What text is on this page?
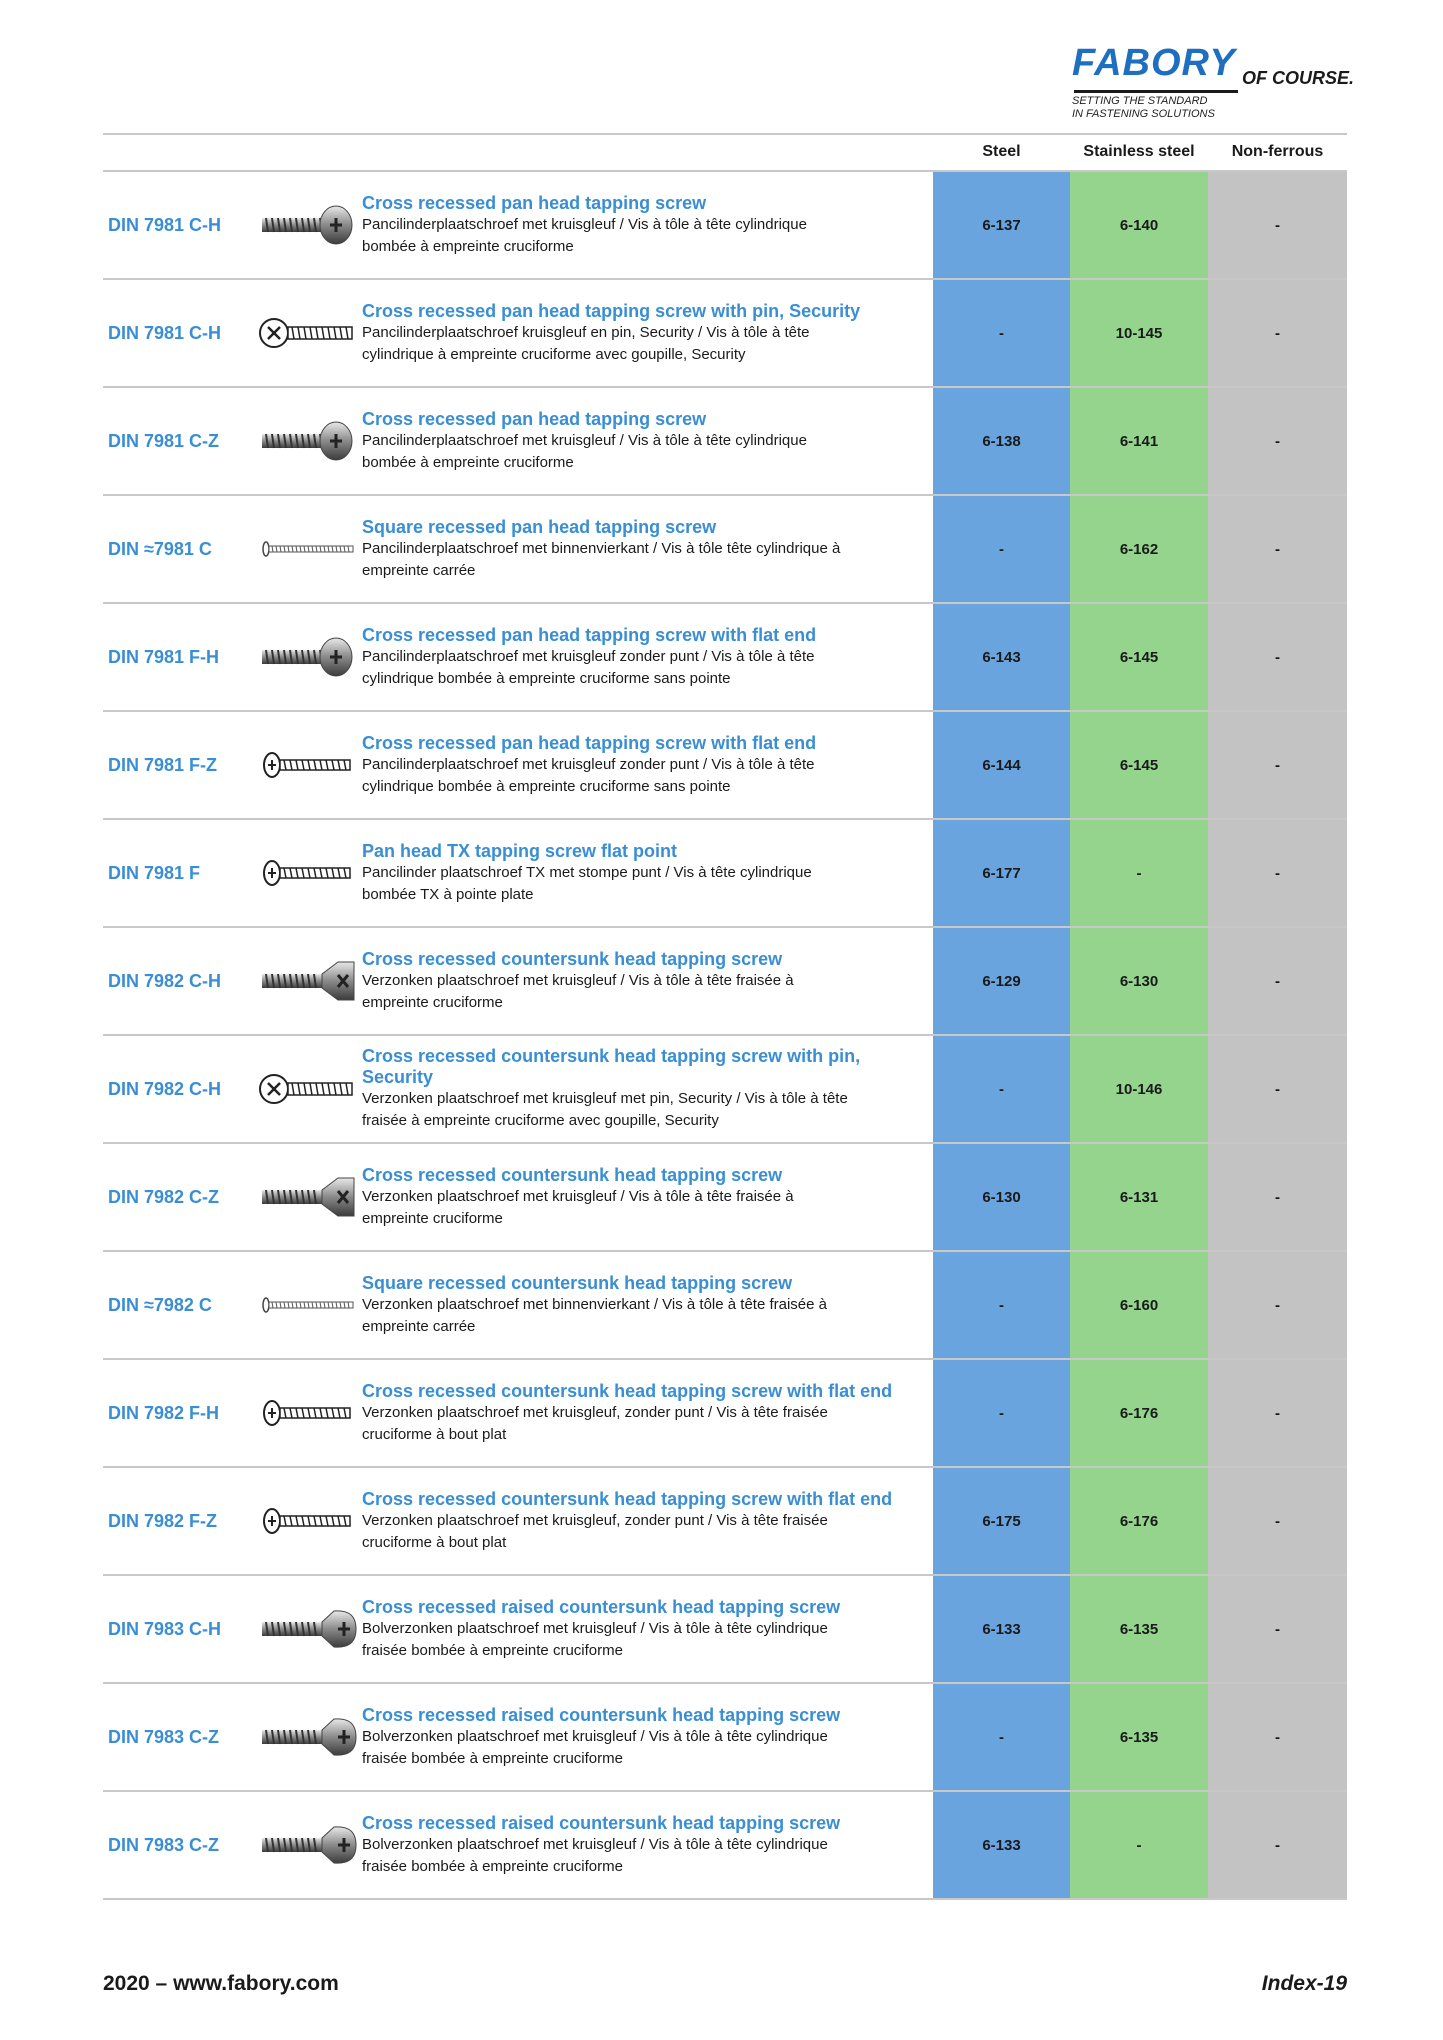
FABORY OF COURSE.
SETTING THE STANDARD
IN FASTENING SOLUTIONS
Steel	Stainless steel	Non-ferrous
DIN 7981 C-H
Cross recessed pan head tapping screw
Pancilinderplaatschroef met kruisgleuf / Vis à tôle à tête cylindrique
bombée à empreinte cruciforme
6-137	6-140	-
DIN 7981 C-H
Cross recessed pan head tapping screw with pin, Security
Pancilinderplaatschroef kruisgleuf en pin, Security / Vis à tôle à tête
cylindrique à empreinte cruciforme avec goupille, Security
-	10-145	-
DIN 7981 C-Z
Cross recessed pan head tapping screw
Pancilinderplaatschroef met kruisgleuf / Vis à tôle à tête cylindrique
bombée à empreinte cruciforme
6-138	6-141	-
DIN ≈7981 C
Square recessed pan head tapping screw
Pancilinderplaatschroef met binnenvierkant / Vis à tôle tête cylindrique à
empreinte carrée
-	6-162	-
DIN 7981 F-H
Cross recessed pan head tapping screw with flat end
Pancilinderplaatschroef met kruisgleuf zonder punt / Vis à tôle à tête
cylindrique bombée à empreinte cruciforme sans pointe
6-143	6-145	-
DIN 7981 F-Z
Cross recessed pan head tapping screw with flat end
Pancilinderplaatschroef met kruisgleuf zonder punt / Vis à tôle à tête
cylindrique bombée à empreinte cruciforme sans pointe
6-144	6-145	-
DIN 7981 F
Pan head TX tapping screw flat point
Pancilinder plaatschroef TX met stompe punt / Vis à tête cylindrique
bombée TX à pointe plate
6-177	-	-
DIN 7982 C-H
Cross recessed countersunk head tapping screw
Verzonken plaatschroef met kruisgleuf / Vis à tôle à tête fraisée à
empreinte cruciforme
6-129	6-130	-
DIN 7982 C-H
Cross recessed countersunk head tapping screw with pin, Security
Verzonken plaatschroef met kruisgleuf met pin, Security / Vis à tôle à tête
fraisée à empreinte cruciforme avec goupille, Security
-	10-146	-
DIN 7982 C-Z
Cross recessed countersunk head tapping screw
Verzonken plaatschroef met kruisgleuf / Vis à tôle à tête fraisée à
empreinte cruciforme
6-130	6-131	-
DIN ≈7982 C
Square recessed countersunk head tapping screw
Verzonken plaatschroef met binnenvierkant / Vis à tôle à tête fraisée à
empreinte carrée
-	6-160	-
DIN 7982 F-H
Cross recessed countersunk head tapping screw with flat end
Verzonken plaatschroef met kruisgleuf, zonder punt / Vis à tête fraisée
cruciforme à bout plat
-	6-176	-
DIN 7982 F-Z
Cross recessed countersunk head tapping screw with flat end
Verzonken plaatschroef met kruisgleuf, zonder punt / Vis à tête fraisée
cruciforme à bout plat
6-175	6-176	-
DIN 7983 C-H
Cross recessed raised countersunk head tapping screw
Bolverzonken plaatschroef met kruisgleuf / Vis à tôle à tête cylindrique
fraisée bombée à empreinte cruciforme
6-133	6-135	-
DIN 7983 C-Z
Cross recessed raised countersunk head tapping screw
Bolverzonken plaatschroef met kruisgleuf / Vis à tôle à tête cylindrique
fraisée bombée à empreinte cruciforme
-	6-135	-
DIN 7983 C-Z
Cross recessed raised countersunk head tapping screw
Bolverzonken plaatschroef met kruisgleuf / Vis à tôle à tête cylindrique
fraisée bombée à empreinte cruciforme
6-133	-	-
2020 – www.fabory.com	Index-19
